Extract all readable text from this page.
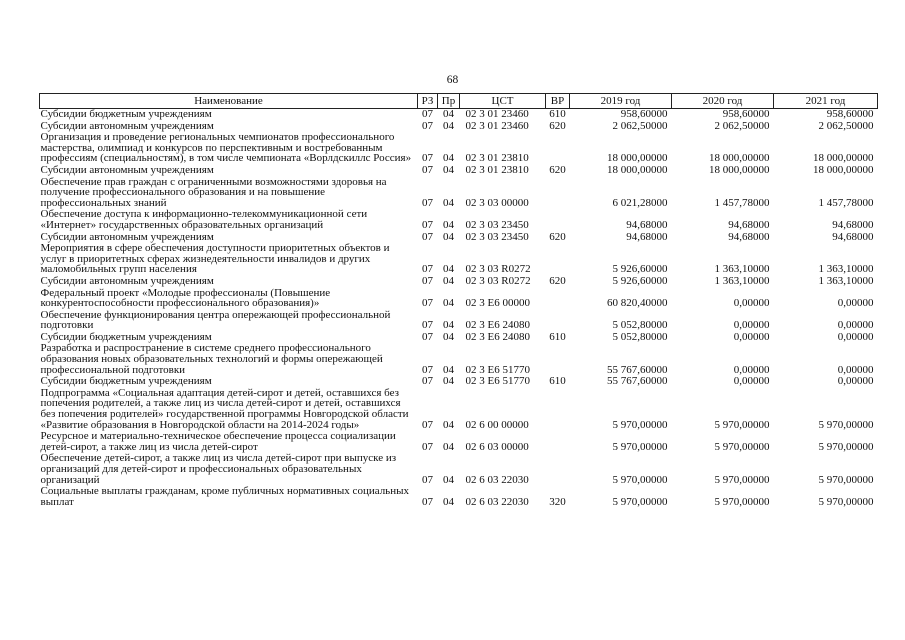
68
Наименование	РЗ	Пр	ЦСТ	ВР	2019 год	2020 год	2021 год
Субсидии бюджетным учреждениям	07	04	02 3 01 23460	610	958,60000	958,60000	958,60000
Субсидии автономным учреждениям	07	04	02 3 01 23460	620	2 062,50000	2 062,50000	2 062,50000
Организация и проведение региональных чемпионатов профессионального мастерства, олимпиад и конкурсов по перспективным и востребованным профессиям (специальностям), в том числе чемпионата «Ворлдскиллс Россия»	07	04	02 3 01 23810		18 000,00000	18 000,00000	18 000,00000
Субсидии автономным учреждениям	07	04	02 3 01 23810	620	18 000,00000	18 000,00000	18 000,00000
Обеспечение прав граждан с ограниченными возможностями здоровья на получение профессионального образования и на повышение профессиональных знаний	07	04	02 3 03 00000		6 021,28000	1 457,78000	1 457,78000
Обеспечение доступа к информационно-телекоммуникационной сети «Интернет» государственных образовательных организаций	07	04	02 3 03 23450		94,68000	94,68000	94,68000
Субсидии автономным учреждениям	07	04	02 3 03 23450	620	94,68000	94,68000	94,68000
Мероприятия в сфере обеспечения доступности приоритетных объектов и услуг в приоритетных сферах жизнедеятельности инвалидов и других маломобильных групп населения	07	04	02 3 03 R0272		5 926,60000	1 363,10000	1 363,10000
Субсидии автономным учреждениям	07	04	02 3 03 R0272	620	5 926,60000	1 363,10000	1 363,10000
Федеральный проект «Молодые профессионалы (Повышение конкурентоспособности профессионального образования)»	07	04	02 3 E6 00000		60 820,40000	0,00000	0,00000
Обеспечение функционирования центра опережающей профессиональной подготовки	07	04	02 3 E6 24080		5 052,80000	0,00000	0,00000
Субсидии бюджетным учреждениям	07	04	02 3 E6 24080	610	5 052,80000	0,00000	0,00000
Разработка и распространение в системе среднего профессионального образования новых образовательных технологий и формы опережающей профессиональной подготовки	07	04	02 3 E6 51770		55 767,60000	0,00000	0,00000
Субсидии бюджетным учреждениям	07	04	02 3 E6 51770	610	55 767,60000	0,00000	0,00000
Подпрограмма «Социальная адаптация детей-сирот и детей, оставшихся без попечения родителей, а также лиц из числа детей-сирот и детей, оставшихся без попечения родителей» государственной программы Новгородской области «Развитие образования в Новгородской области на 2014-2024 годы»	07	04	02 6 00 00000		5 970,00000	5 970,00000	5 970,00000
Ресурсное и материально-техническое обеспечение процесса социализации детей-сирот, а также лиц из числа детей-сирот	07	04	02 6 03 00000		5 970,00000	5 970,00000	5 970,00000
Обеспечение детей-сирот, а также лиц из числа детей-сирот при выпуске из организаций для детей-сирот и профессиональных образовательных организаций	07	04	02 6 03 22030		5 970,00000	5 970,00000	5 970,00000
Социальные выплаты гражданам, кроме публичных нормативных социальных выплат	07	04	02 6 03 22030	320	5 970,00000	5 970,00000	5 970,00000
